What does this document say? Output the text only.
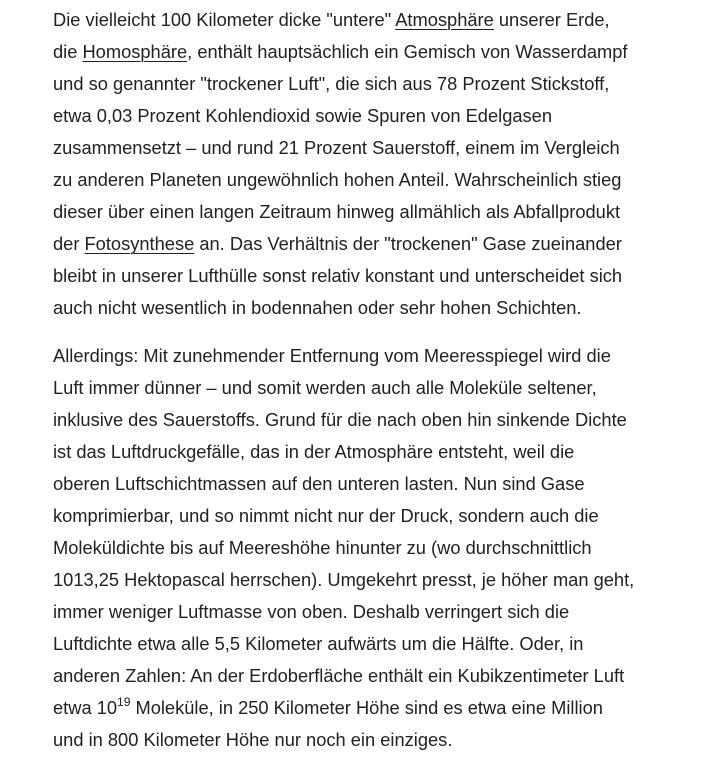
Die vielleicht 100 Kilometer dicke "untere" Atmosphäre unserer Erde,
die Homosphäre, enthält hauptsächlich ein Gemisch von Wasserdampf
und so genannter "trockener Luft", die sich aus 78 Prozent Stickstoff,
etwa 0,03 Prozent Kohlendioxid sowie Spuren von Edelgasen
zusammensetzt – und rund 21 Prozent Sauerstoff, einem im Vergleich
zu anderen Planeten ungewöhnlich hohen Anteil. Wahrscheinlich stieg
dieser über einen langen Zeitraum hinweg allmählich als Abfallprodukt
der Fotosynthese an. Das Verhältnis der "trockenen" Gase zueinander
bleibt in unserer Lufthülle sonst relativ konstant und unterscheidet sich
auch nicht wesentlich in bodennahen oder sehr hohen Schichten.

Allerdings: Mit zunehmender Entfernung vom Meeresspiegel wird die
Luft immer dünner – und somit werden auch alle Moleküle seltener,
inklusive des Sauerstoffs. Grund für die nach oben hin sinkende Dichte
ist das Luftdruckgefälle, das in der Atmosphäre entsteht, weil die
oberen Luftschichtmassen auf den unteren lasten. Nun sind Gase
komprimierbar, und so nimmt nicht nur der Druck, sondern auch die
Moleküldichte bis auf Meereshöhe hinunter zu (wo durchschnittlich
1013,25 Hektopascal herrschen). Umgekehrt presst, je höher man geht,
immer weniger Luftmasse von oben. Deshalb verringert sich die
Luftdichte etwa alle 5,5 Kilometer aufwärts um die Hälfte. Oder, in
anderen Zahlen: An der Erdoberfläche enthält ein Kubikzentimeter Luft
etwa $10^{19}$ Moleküle, in 250 Kilometer Höhe sind es etwa eine Million
und in 800 Kilometer Höhe nur noch ein einziges.
